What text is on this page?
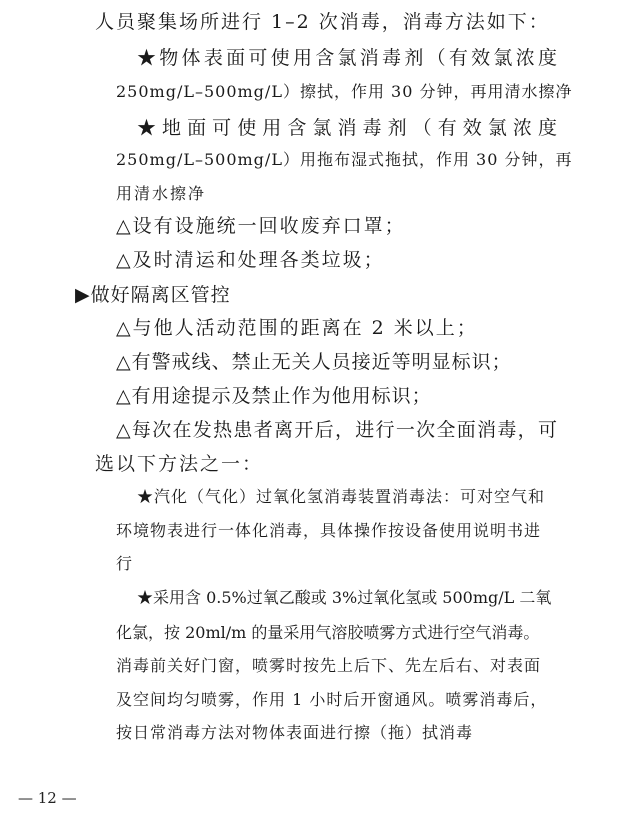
人员聚集场所进行 1–2 次消毒，消毒方法如下：
★物体表面可使用含氯消毒剂（有效氯浓度
250mg/L–500mg/L）擦拭，作用 30 分钟，再用清水擦净
★地面可使用含氯消毒剂（有效氯浓度
250mg/L–500mg/L）用拖布湿式拖拭，作用 30 分钟，再
用清水擦净
△设有设施统一回收废弃口罩；
△及时清运和处理各类垃圾；
▶做好隔离区管控
△与他人活动范围的距离在 2 米以上；
△有警戒线、禁止无关人员接近等明显标识；
△有用途提示及禁止作为他用标识；
△每次在发热患者离开后，进行一次全面消毒，可
选以下方法之一：
★汽化（气化）过氧化氢消毒装置消毒法：可对空气和
环境物表进行一体化消毒，具体操作按设备使用说明书进
行
★采用含 0.5%过氧乙酸或 3%过氧化氢或 500mg/L 二氧
化氯，按 20ml/m 的量采用气溶胶喷雾方式进行空气消毒。
消毒前关好门窗，喷雾时按先上后下、先左后右、对表面
及空间均匀喷雾，作用 1 小时后开窗通风。喷雾消毒后，
按日常消毒方法对物体表面进行擦（拖）拭消毒
— 12 —
